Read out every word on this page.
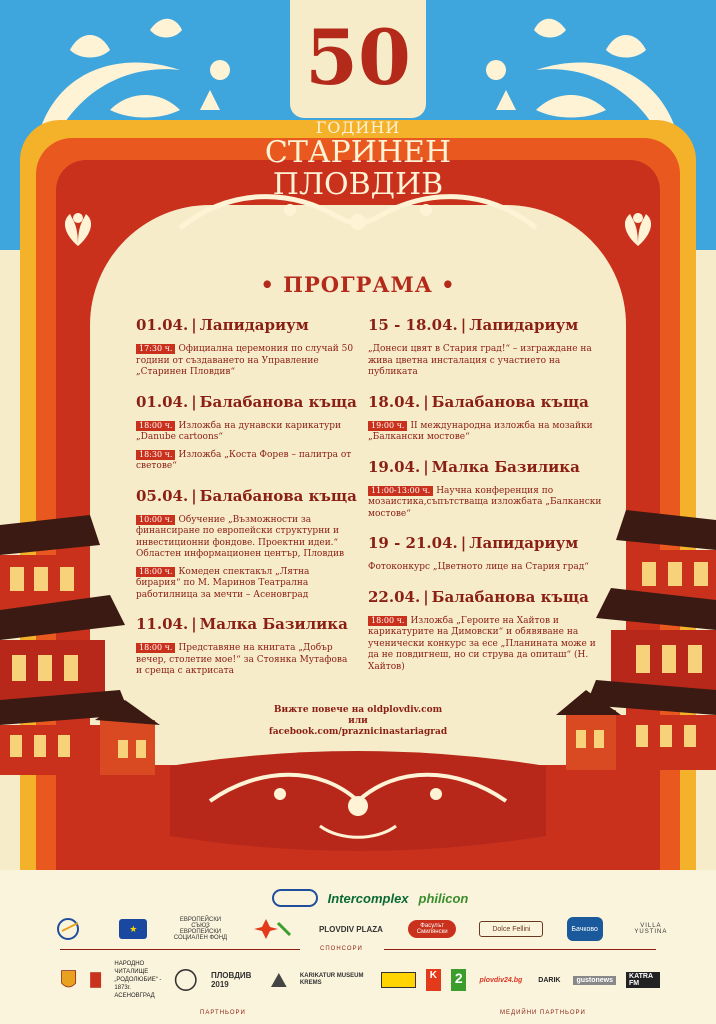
50
ГОДИНИ
СТАРИНЕН
ПЛОВДИВ
• ПРОГРАМА •
01.04. | Лапидариум
17:30 ч. Официална церемония по случай 50 години от създаването на Управление „Старинен Пловдив“
01.04. | Балабанова къща
18:00 ч. Изложба на дунавски карикатури „Danube cartoons“
18:30 ч. Изложба „Коста Форев – палитра от светове“
05.04. | Балабанова къща
10:00 ч. Обучение „Възможности за финансиране по европейски структурни и инвестиционни фондове. Проектни идеи.“ Областен информационен център, Пловдив
18:00 ч. Комеден спектакъл „Лятна бирария“ по М. Маринов Театрална работилница за мечти – Асеновград
11.04. | Малка Базилика
18:00 ч. Представяне на книгата „Добър вечер, столетие мое!“ за Стоянка Мутафова и среща с актрисата
15 - 18.04. | Лапидариум
„Донеси цвят в Стария град!“ – изграждане на жива цветна инсталация с участието на публиката
18.04. | Балабанова къща
19:00 ч. II международна изложба на мозайки „Балкански мостове“
19.04. | Малка Базилика
11:00-13:00 ч. Научна конференция по мозаистика,съпътстваща изложбата „Балкански мостове“
19 - 21.04. | Лапидариум
Фотоконкурс „Цветното лице на Стария град“
22.04. | Балабанова къща
18:00 ч. Изложба „Героите на Хайтов и карикатурите на Димовски“ и обявяване на ученически конкурс за есе „Планината може и да не повдигнеш, но си струва да опиташ“ (Н. Хайтов)
Вижте повече на oldplovdiv.com
или facebook.com/praznicinastariagrad
Intercomplex philicon
★
ЕВРОПЕЙСКИ СЪЮЗ ЕВРОПЕЙСКИ СОЦИАЛЕН ФОНД
PLOVDIV PLAZA	Фасулът Смилянски	Dolce Fellini	Бачково	VILLA YUSTINA
СПОНСОРИ
НАРОДНО ЧИТАЛИЩЕ „РОДОЛЮБИЕ“ - 1873г. АСЕНОВГРАД
ПЛОВДИВ 2019
KARIKATUR MUSEUM KREMS
K 2	plovdiv24.bg	DARIK	gustonews	KATRA FM
ПАРТНЬОРИ	МЕДИЙНИ ПАРТНЬОРИ
